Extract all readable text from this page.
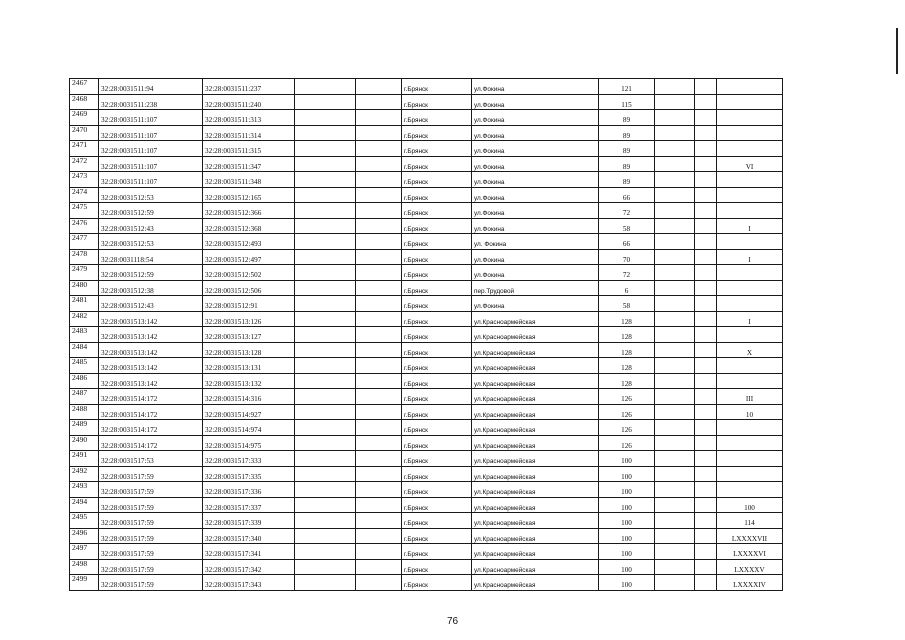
2467	32:28:0031511:94	32:28:0031511:237			г.Брянск	ул.Фокина	121			
2468	32:28:0031511:238	32:28:0031511:240			г.Брянск	ул.Фокина	115			
2469	32:28:0031511:107	32:28:0031511:313			г.Брянск	ул.Фокина	89			
2470	32:28:0031511:107	32:28:0031511:314			г.Брянск	ул.Фокина	89			
2471	32:28:0031511:107	32:28:0031511:315			г.Брянск	ул.Фокина	89			
2472	32:28:0031511:107	32:28:0031511:347			г.Брянск	ул.Фокина	89			VI
2473	32:28:0031511:107	32:28:0031511:348			г.Брянск	ул.Фокина	89			
2474	32:28:0031512:53	32:28:0031512:165			г.Брянск	ул.Фокина	66			
2475	32:28:0031512:59	32:28:0031512:366			г.Брянск	ул.Фокина	72			
2476	32:28:0031512:43	32:28:0031512:368			г.Брянск	ул.Фокина	58			I
2477	32:28:0031512:53	32:28:0031512:493			г.Брянск	ул. Фокина	66			
2478	32:28:0031118:54	32:28:0031512:497			г.Брянск	ул.Фокина	70			I
2479	32:28:0031512:59	32:28:0031512:502			г.Брянск	ул.Фокина	72			
2480	32:28:0031512:38	32:28:0031512:506			г.Брянск	пер.Трудовой	6			
2481	32:28:0031512:43	32:28:0031512:91			г.Брянск	ул.Фокина	58			
2482	32:28:0031513:142	32:28:0031513:126			г.Брянск	ул.Красноармейская	128			I
2483	32:28:0031513:142	32:28:0031513:127			г.Брянск	ул.Красноармейская	128			
2484	32:28:0031513:142	32:28:0031513:128			г.Брянск	ул.Красноармейская	128			X
2485	32:28:0031513:142	32:28:0031513:131			г.Брянск	ул.Красноармейская	128			
2486	32:28:0031513:142	32:28:0031513:132			г.Брянск	ул.Красноармейская	128			
2487	32:28:0031514:172	32:28:0031514:316			г.Брянск	ул.Красноармейская	126			III
2488	32:28:0031514:172	32:28:0031514:927			г.Брянск	ул.Красноармейская	126			10
2489	32:28:0031514:172	32:28:0031514:974			г.Брянск	ул.Красноармейская	126			
2490	32:28:0031514:172	32:28:0031514:975			г.Брянск	ул.Красноармейская	126			
2491	32:28:0031517:53	32:28:0031517:333			г.Брянск	ул.Красноармейская	100			
2492	32:28:0031517:59	32:28:0031517:335			г.Брянск	ул.Красноармейская	100			
2493	32:28:0031517:59	32:28:0031517:336			г.Брянск	ул.Красноармейская	100			
2494	32:28:0031517:59	32:28:0031517:337			г.Брянск	ул.Красноармейская	100			100
2495	32:28:0031517:59	32:28:0031517:339			г.Брянск	ул.Красноармейская	100			114
2496	32:28:0031517:59	32:28:0031517:340			г.Брянск	ул.Красноармейская	100			LXXXXVII
2497	32:28:0031517:59	32:28:0031517:341			г.Брянск	ул.Красноармейская	100			LXXXXVI
2498	32:28:0031517:59	32:28:0031517:342			г.Брянск	ул.Красноармейская	100			LXXXXV
2499	32:28:0031517:59	32:28:0031517:343			г.Брянск	ул.Красноармейская	100			LXXXXIV
76
